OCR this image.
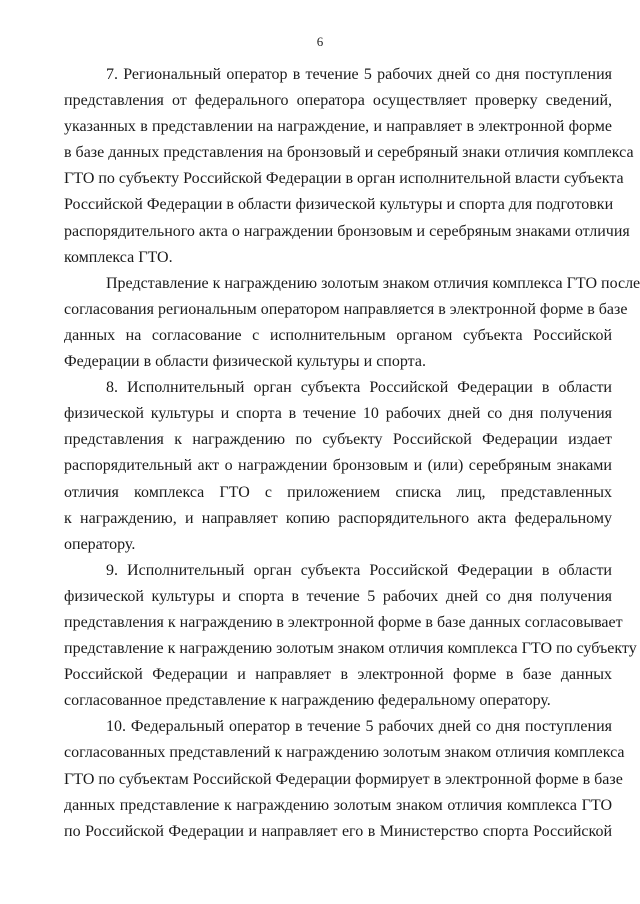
6
7. Региональный оператор в течение 5 рабочих дней со дня поступления
представления от федерального оператора осуществляет проверку сведений,
указанных в представлении на награждение, и направляет в электронной форме
в базе данных представления на бронзовый и серебряный знаки отличия комплекса
ГТО по субъекту Российской Федерации в орган исполнительной власти субъекта
Российской Федерации в области физической культуры и спорта для подготовки
распорядительного акта о награждении бронзовым и серебряным знаками отличия
комплекса ГТО.
Представление к награждению золотым знаком отличия комплекса ГТО после
согласования региональным оператором направляется в электронной форме в базе
данных на согласование с исполнительным органом субъекта Российской
Федерации в области физической культуры и спорта.
8. Исполнительный орган субъекта Российской Федерации в области
физической культуры и спорта в течение 10 рабочих дней со дня получения
представления к награждению по субъекту Российской Федерации издает
распорядительный акт о награждении бронзовым и (или) серебряным знаками
отличия комплекса ГТО с приложением списка лиц, представленных
к награждению, и направляет копию распорядительного акта федеральному
оператору.
9. Исполнительный орган субъекта Российской Федерации в области
физической культуры и спорта в течение 5 рабочих дней со дня получения
представления к награждению в электронной форме в базе данных согласовывает
представление к награждению золотым знаком отличия комплекса ГТО по субъекту
Российской Федерации и направляет в электронной форме в базе данных
согласованное представление к награждению федеральному оператору.
10. Федеральный оператор в течение 5 рабочих дней со дня поступления
согласованных представлений к награждению золотым знаком отличия комплекса
ГТО по субъектам Российской Федерации формирует в электронной форме в базе
данных представление к награждению золотым знаком отличия комплекса ГТО
по Российской Федерации и направляет его в Министерство спорта Российской
